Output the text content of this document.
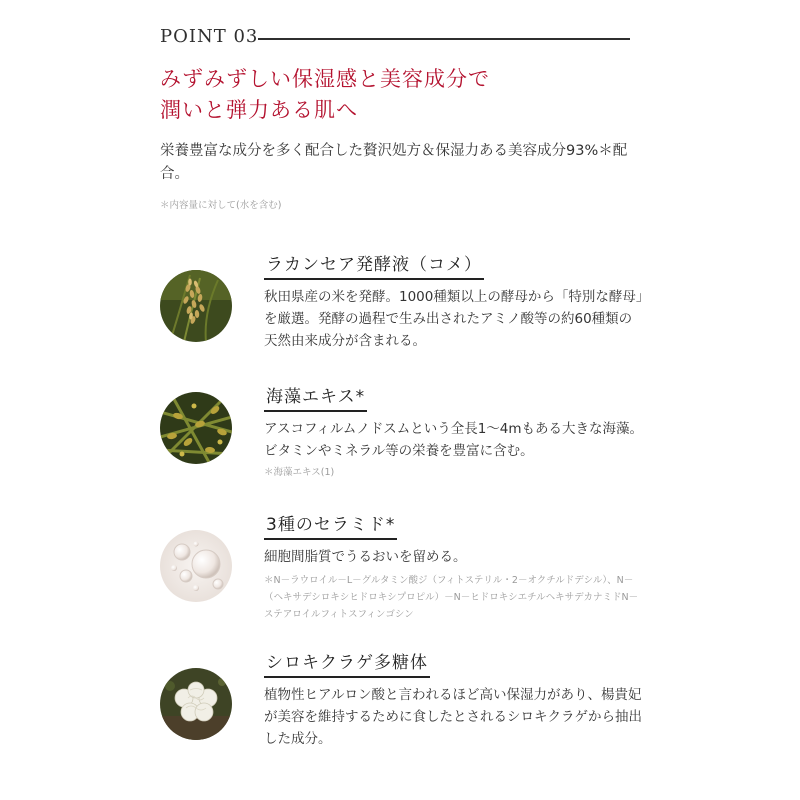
POINT 03
みずみずしい保湿感と美容成分で
潤いと弾力ある肌へ
栄養豊富な成分を多く配合した贅沢処方＆保湿力ある美容成分93%＊配合。
＊内容量に対して(水を含む)
ラカンセア発酵液（コメ）
秋田県産の米を発酵。1000種類以上の酵母から「特別な酵母」を厳選。発酵の過程で生み出されたアミノ酸等の約60種類の天然由来成分が含まれる。
海藻エキス*
アスコフィルムノドスムという全長1〜4mもある大きな海藻。ビタミンやミネラル等の栄養を豊富に含む。
＊海藻エキス(1)
3種のセラミド*
細胞間脂質でうるおいを留める。
＊N－ラウロイル－L－グルタミン酸ジ（フィトステリル・2－オクチルドデシル）、N－（ヘキサデシロキシヒドロキシプロピル）－N－ヒドロキシエチルヘキサデカナミドN－ステアロイルフィトスフィンゴシン
シロキクラゲ多糖体
植物性ヒアルロン酸と言われるほど高い保湿力があり、楊貴妃が美容を維持するために食したとされるシロキクラゲから抽出した成分。
